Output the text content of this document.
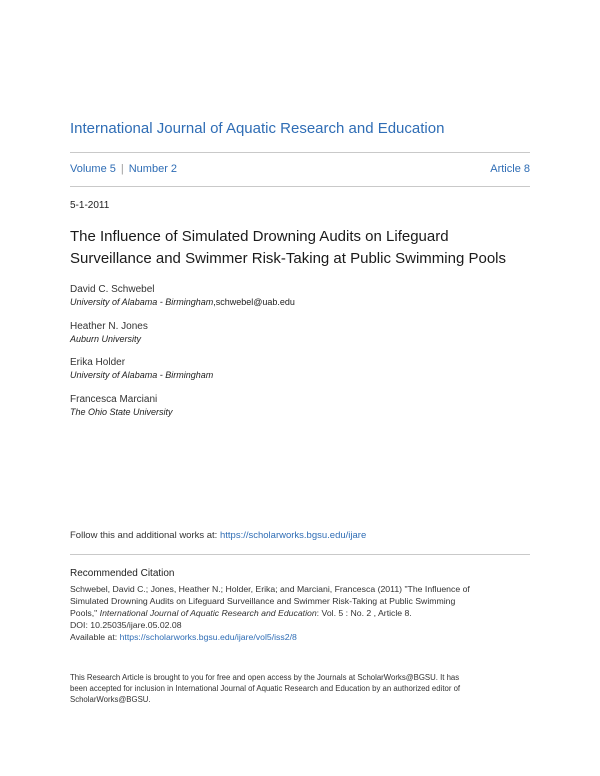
International Journal of Aquatic Research and Education
Volume 5 | Number 2	Article 8
5-1-2011
The Influence of Simulated Drowning Audits on Lifeguard
Surveillance and Swimmer Risk-Taking at Public Swimming Pools
David C. Schwebel
University of Alabama - Birmingham,schwebel@uab.edu
Heather N. Jones
Auburn University
Erika Holder
University of Alabama - Birmingham
Francesca Marciani
The Ohio State University
Follow this and additional works at: https://scholarworks.bgsu.edu/ijare
Recommended Citation
Schwebel, David C.; Jones, Heather N.; Holder, Erika; and Marciani, Francesca (2011) "The Influence of
Simulated Drowning Audits on Lifeguard Surveillance and Swimmer Risk-Taking at Public Swimming
Pools," International Journal of Aquatic Research and Education: Vol. 5 : No. 2 , Article 8.
DOI: 10.25035/ijare.05.02.08
Available at: https://scholarworks.bgsu.edu/ijare/vol5/iss2/8
This Research Article is brought to you for free and open access by the Journals at ScholarWorks@BGSU. It has
been accepted for inclusion in International Journal of Aquatic Research and Education by an authorized editor of
ScholarWorks@BGSU.
